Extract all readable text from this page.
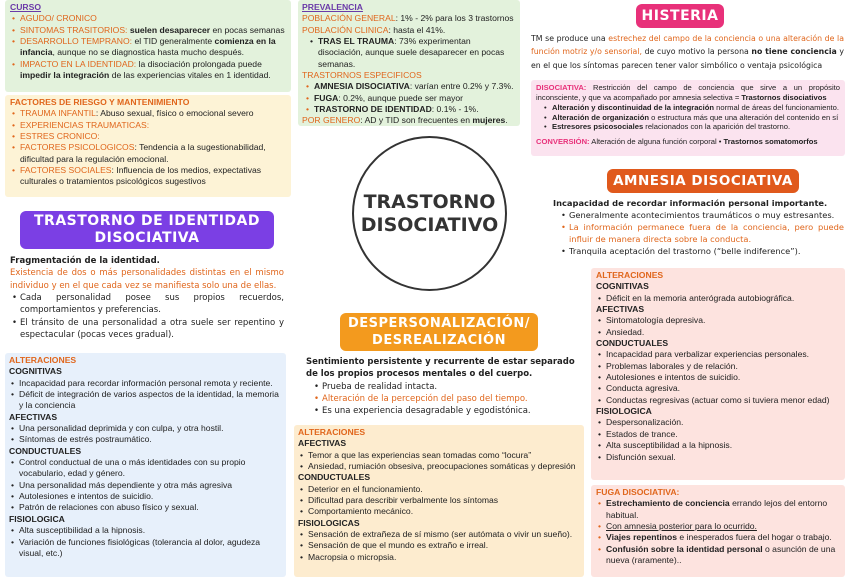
CURSO
• AGUDO/ CRONICO
• SINTOMAS TRASITORIOS: suelen desaparecer en pocas semanas
• DESARROLLO TEMPRANO: el TID generalmente comienza en la infancia, aunque no se diagnostica hasta mucho después.
• IMPACTO EN LA IDENTIDAD: la disociación prolongada puede impedir la integración de las experiencias vitales en 1 identidad.
FACTORES DE RIESGO Y MANTENIMIENTO
• TRAUMA INFANTIL: Abuso sexual, físico o emocional severo
• EXPERIENCIAS TRAUMATICAS:
• ESTRES CRONICO:
• FACTORES PSICOLOGICOS: Tendencia a la sugestionabilidad, dificultad para la regulación emocional.
• FACTORES SOCIALES: Influencia de los medios, expectativas culturales o tratamientos psicológicos sugestivos
PREVALENCIA
POBLACIÓN GENERAL: 1% - 2% para los 3 trastornos
POBLACIÓN CLINICA: hasta el 41%.
• TRAS EL TRAUMA: 73% experimentan disociación, aunque suele desaparecer en pocas semanas.
TRASTORNOS ESPECIFICOS
• AMNESIA DISOCIATIVA: varían entre 0.2% y 7.3%.
• FUGA: 0.2%, aunque puede ser mayor
• TRASTORNO DE IDENTIDAD: 0.1% - 1%.
POR GENERO: AD y TID son frecuentes en mujeres.
TRASTORNO
DISOCIATIVO
TRASTORNO DE IDENTIDAD
DISOCIATIVA
Fragmentación de la identidad.
Existencia de dos o más personalidades distintas en el mismo individuo y en el que cada vez se manifiesta solo una de ellas.
• Cada personalidad posee sus propios recuerdos, comportamientos y preferencias.
• El tránsito de una personalidad a otra suele ser repentino y espectacular (pocas veces gradual).
ALTERACIONES
COGNITIVAS
• Incapacidad para recordar información personal remota y reciente.
• Déficit de integración de varios aspectos de la identidad, la memoria y la conciencia
AFECTIVAS
• Una personalidad deprimida y con culpa, y otra hostil.
• Síntomas de estrés postraumático.
CONDUCTUALES
• Control conductual de una o más identidades con su propio vocabulario, edad y género.
• Una personalidad más dependiente y otra más agresiva
• Autolesiones e intentos de suicidio.
• Patrón de relaciones con abuso físico y sexual.
FISIOLOGICA
• Alta susceptibilidad a la hipnosis.
• Variación de funciones fisiológicas (tolerancia al dolor, agudeza visual, etc.)
DESPERSONALIZACIÓN/
DESREALIZACIÓN
Sentimiento persistente y recurrente de estar separado de los propios procesos mentales o del cuerpo.
• Prueba de realidad intacta.
• Alteración de la percepción del paso del tiempo.
• Es una experiencia desagradable y egodistónica.
ALTERACIONES
AFECTIVAS
• Temor a que las experiencias sean tomadas como “locura”
• Ansiedad, rumiación obsesiva, preocupaciones somáticas y depresión
CONDUCTUALES
• Deterior en el funcionamiento.
• Dificultad para describir verbalmente los síntomas
• Comportamiento mecánico.
FISIOLOGICAS
• Sensación de extrañeza de sí mismo (ser autómata o vivir un sueño).
• Sensación de que el mundo es extraño e irreal.
• Macropsia o micropsia.
HISTERIA
TM se produce una estrechez del campo de la conciencia o una alteración de la función motriz y/o sensorial, de cuyo motivo la persona no tiene conciencia y en el que los síntomas parecen tener valor simbólico o ventaja psicológica
DISOCIATIVA: Restricción del campo de conciencia que sirve a un propósito inconsciente, y que va acompañado por amnesia selectiva = Trastornos disociativos
• Alteración y discontinuidad de la integración normal de áreas del funcionamiento.
• Alteración de organización o estructura más que una alteración del contenido en sí
• Estresores psicosociales relacionados con la aparición del trastorno.
CONVERSIÓN: Alteración de alguna función corporal • Trastornos somatomorfos
AMNESIA DISOCIATIVA
Incapacidad de recordar información personal importante.
• Generalmente acontecimientos traumáticos o muy estresantes.
• La información permanece fuera de la conciencia, pero puede influir de manera directa sobre la conducta.
• Tranquila aceptación del trastorno (“belle indiference”).
ALTERACIONES
COGNITIVAS
• Déficit en la memoria anterógrada autobiográfica.
AFECTIVAS
• Sintomatología depresiva.
• Ansiedad.
CONDUCTUALES
• Incapacidad para verbalizar experiencias personales.
• Problemas laborales y de relación.
• Autolesiones e intentos de suicidio.
• Conducta agresiva.
• Conductas regresivas (actuar como si tuviera menor edad)
FISIOLOGICA
• Despersonalización.
• Estados de trance.
• Alta susceptibilidad a la hipnosis.
• Disfunción sexual.
FUGA DISOCIATIVA:
• Estrechamiento de conciencia errando lejos del entorno habitual.
• Con amnesia posterior para lo ocurrido.
• Viajes repentinos e inesperados fuera del hogar o trabajo.
• Confusión sobre la identidad personal o asunción de una nueva (raramente)..
